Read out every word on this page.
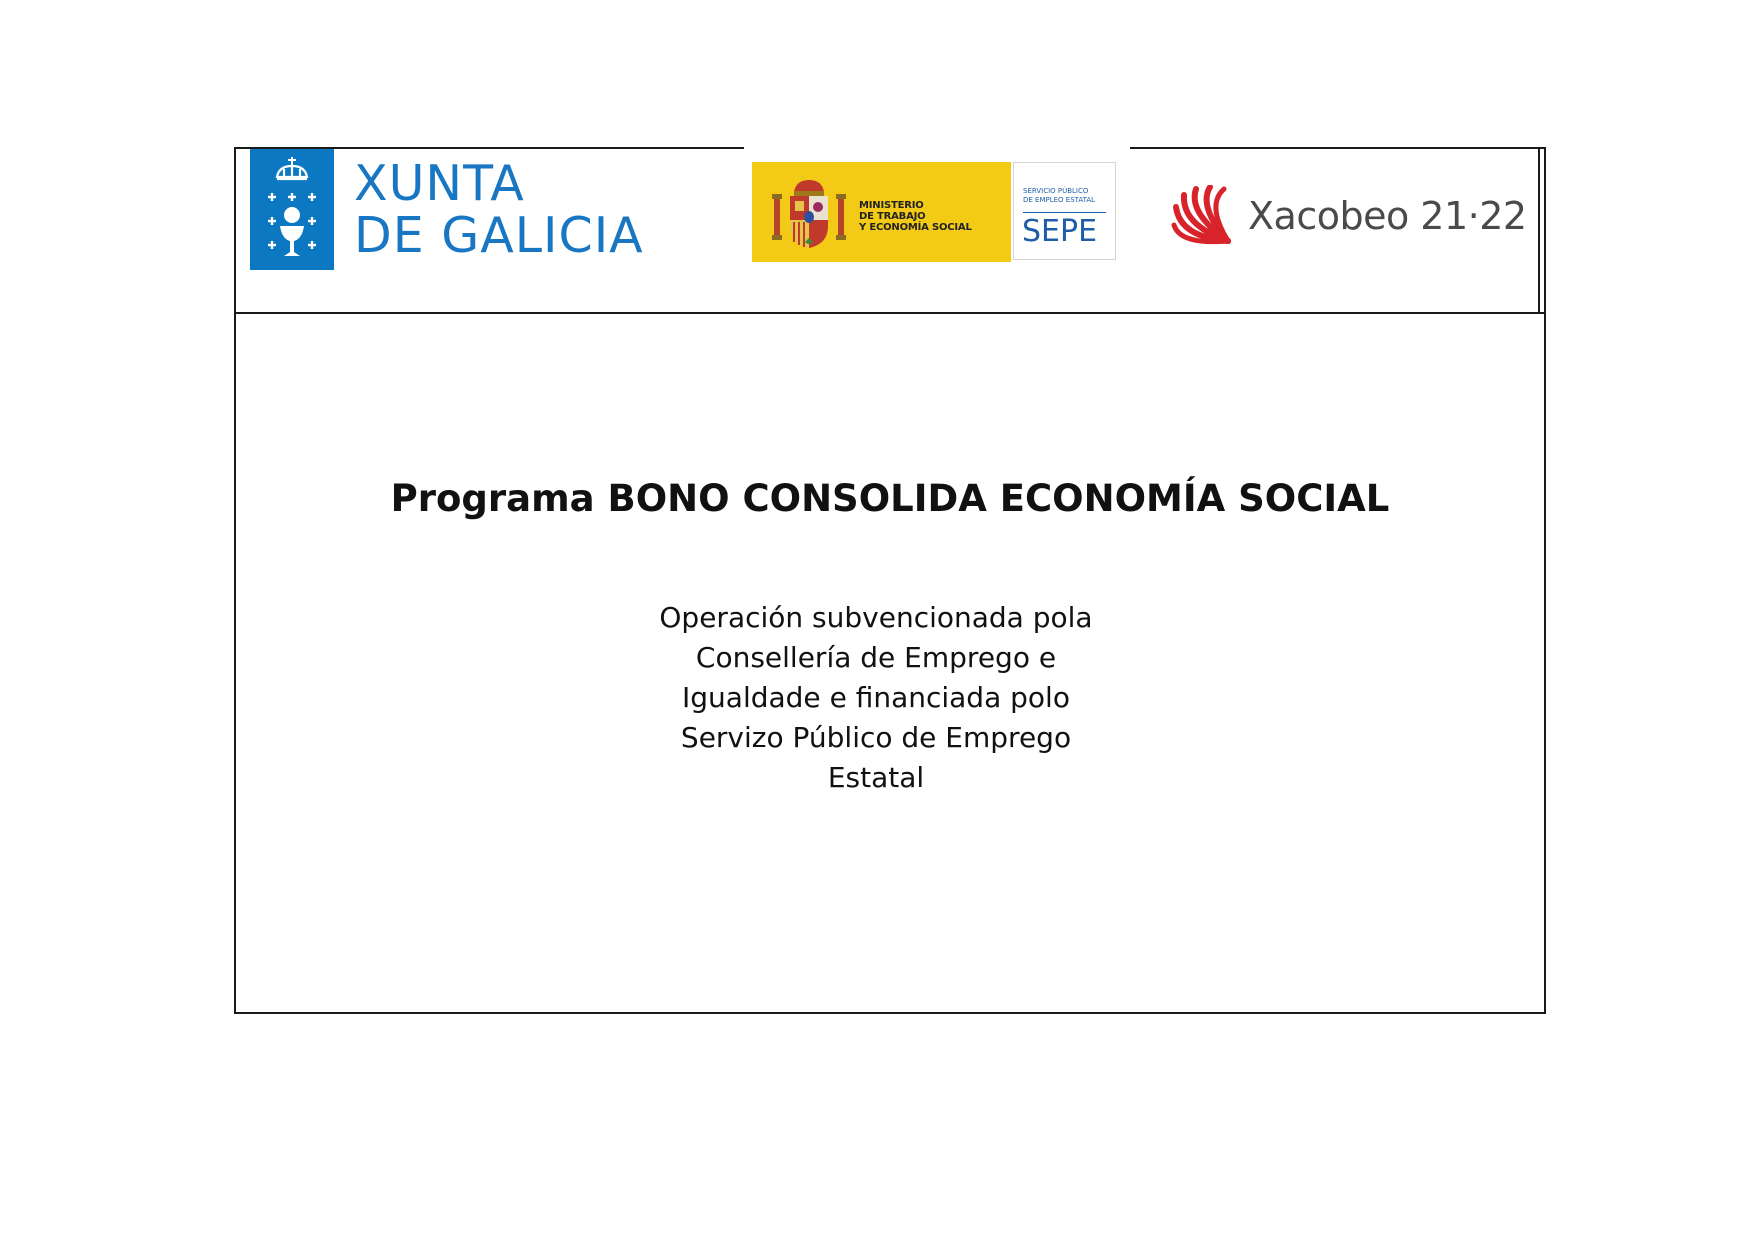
XUNTA
DE GALICIA
MINISTERIO
DE TRABAJO
Y ECONOMÍA SOCIAL
SERVICIO PÚBLICO
DE EMPLEO ESTATAL
SEPE	Xacobeo 21·22
Programa BONO CONSOLIDA ECONOMÍA SOCIAL
Operación subvencionada pola Consellería de Emprego e Igualdade e financiada polo Servizo Público de Emprego Estatal
